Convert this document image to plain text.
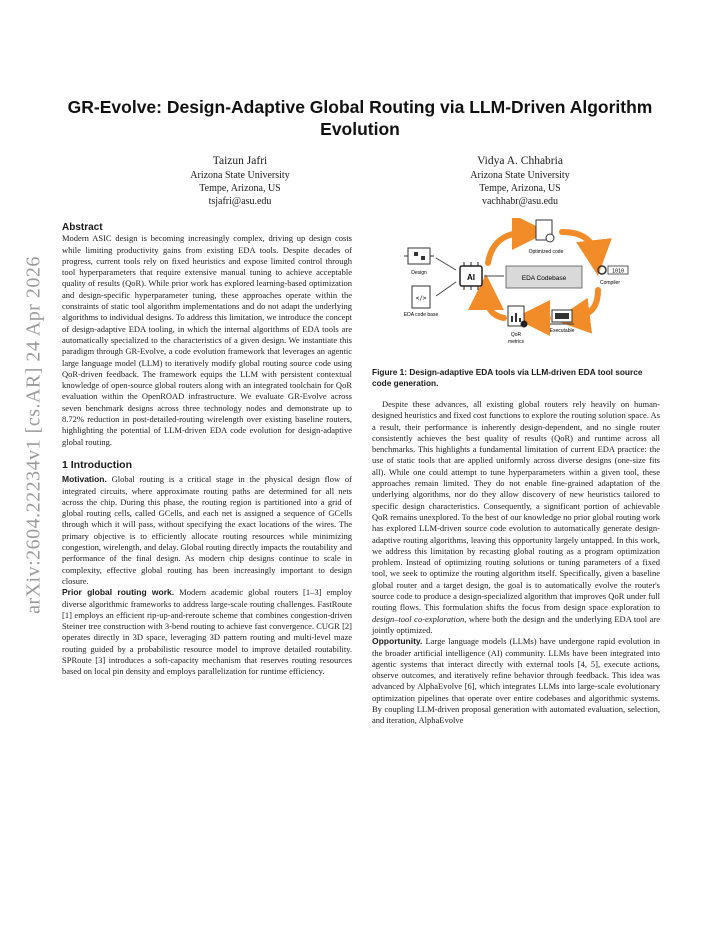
arXiv:2604.22234v1 [cs.AR] 24 Apr 2026
GR-Evolve: Design-Adaptive Global Routing via LLM-Driven Algorithm Evolution
Taizun Jafri
Arizona State University
Tempe, Arizona, US
tsjafri@asu.edu
Vidya A. Chhabria
Arizona State University
Tempe, Arizona, US
vachhabr@asu.edu
Abstract

Modern ASIC design is becoming increasingly complex, driving up design costs while limiting productivity gains from existing EDA tools. Despite decades of progress, current tools rely on fixed heuristics and expose limited control through tool hyperparameters that require extensive manual tuning to achieve acceptable quality of results (QoR). While prior work has explored learning-based optimization and design-specific hyperparameter tuning, these approaches operate within the constraints of static tool algorithm implementations and do not adapt the underlying algorithms to individual designs. To address this limitation, we introduce the concept of design-adaptive EDA tooling, in which the internal algorithms of EDA tools are automatically specialized to the characteristics of a given design. We instantiate this paradigm through GR-Evolve, a code evolution framework that leverages an agentic large language model (LLM) to iteratively modify global routing source code using QoR-driven feedback. The framework equips the LLM with persistent contextual knowledge of open-source global routers along with an integrated toolchain for QoR evaluation within the OpenROAD infrastructure. We evaluate GR-Evolve across seven benchmark designs across three technology nodes and demonstrate up to 8.72% reduction in post-detailed-routing wirelength over existing baseline routers, highlighting the potential of LLM-driven EDA code evolution for design-adaptive global routing.

1 Introduction

Motivation. Global routing is a critical stage in the physical design flow of integrated circuits, where approximate routing paths are determined for all nets across the chip. During this phase, the routing region is partitioned into a grid of global routing cells, called GCells, and each net is assigned a sequence of GCells through which it will pass, without specifying the exact locations of the wires. The primary objective is to efficiently allocate routing resources while minimizing congestion, wirelength, and delay. Global routing directly impacts the routability and performance of the final design. As modern chip designs continue to scale in complexity, effective global routing has been increasingly important to design closure.

Prior global routing work. Modern academic global routers [1–3] employ diverse algorithmic frameworks to address large-scale routing challenges. FastRoute [1] employs an efficient rip-up-and-reroute scheme that combines congestion-driven Steiner tree construction with 3-bend routing to achieve fast convergence. CUGR [2] operates directly in 3D space, leveraging 3D pattern routing and multi-level maze routing guided by a probabilistic resource model to improve detailed routability. SPRoute [3] introduces a soft-capacity mechanism that reserves routing resources based on local pin density and employs parallelization for runtime efficiency.

Design
</>
EDA code base
AI	EDA Codebase
Optimized code
1010
Compiler
Executable
QoR
metrics
Figure 1: Design-adaptive EDA tools via LLM-driven EDA tool source code generation.

Despite these advances, all existing global routers rely heavily on human-designed heuristics and fixed cost functions to explore the routing solution space. As a result, their performance is inherently design-dependent, and no single router consistently achieves the best quality of results (QoR) and runtime across all benchmarks. This highlights a fundamental limitation of current EDA practice: the use of static tools that are applied uniformly across diverse designs (one-size fits all). While one could attempt to tune hyperparameters within a given tool, these approaches remain limited. They do not enable fine-grained adaptation of the underlying algorithms, nor do they allow discovery of new heuristics tailored to specific design characteristics. Consequently, a significant portion of achievable QoR remains unexplored. To the best of our knowledge no prior global routing work has explored LLM-driven source code evolution to automatically generate design-adaptive routing algorithms, leaving this opportunity largely untapped. In this work, we address this limitation by recasting global routing as a program optimization problem. Instead of optimizing routing solutions or tuning parameters of a fixed tool, we seek to optimize the routing algorithm itself. Specifically, given a baseline global router and a target design, the goal is to automatically evolve the router's source code to produce a design-specialized algorithm that improves QoR under full routing flows. This formulation shifts the focus from design space exploration to design–tool co-exploration, where both the design and the underlying EDA tool are jointly optimized.

Opportunity. Large language models (LLMs) have undergone rapid evolution in the broader artificial intelligence (AI) community. LLMs have been integrated into agentic systems that interact directly with external tools [4, 5], execute actions, observe outcomes, and iteratively refine behavior through feedback. This idea was advanced by AlphaEvolve [6], which integrates LLMs into large-scale evolutionary optimization pipelines that operate over entire codebases and algorithmic systems. By coupling LLM-driven proposal generation with automated evaluation, selection, and iteration, AlphaEvolve
